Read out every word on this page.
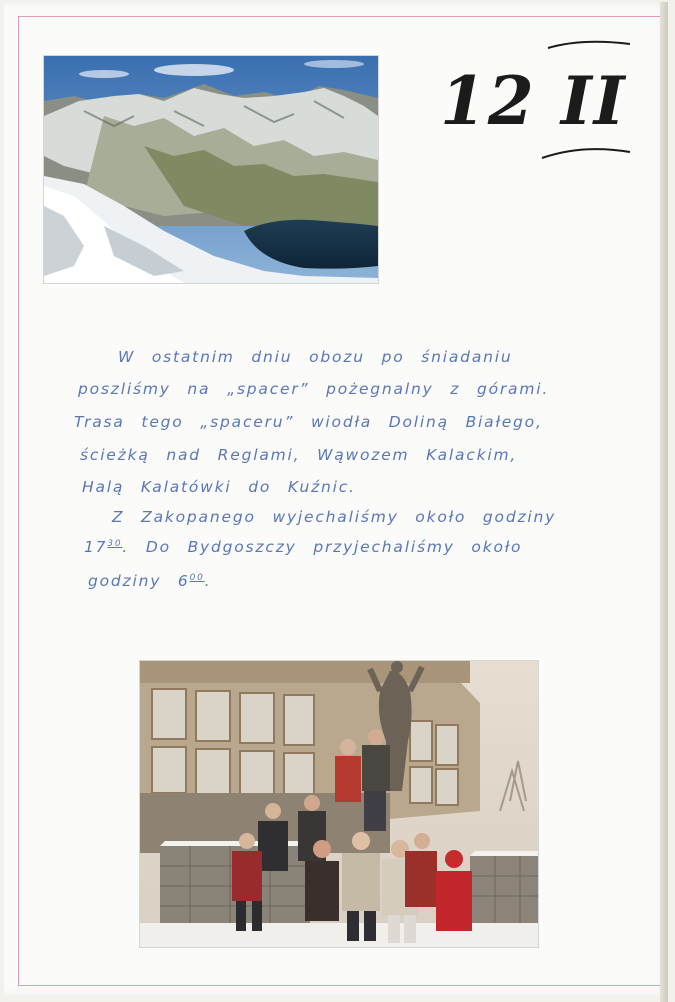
12 II
W ostatnim dniu obozu po śniadaniu
poszliśmy na „spacer” pożegnalny z górami.
Trasa tego „spaceru” wiodła Doliną Białego,
ścieżką nad Reglami, Wąwozem Kalackim,
Halą Kalatówki do Kuźnic.
Z Zakopanego wyjechaliśmy około godziny
$17^{30}$. Do Bydgoszczy przyjechaliśmy około
godziny $6^{00}$.
